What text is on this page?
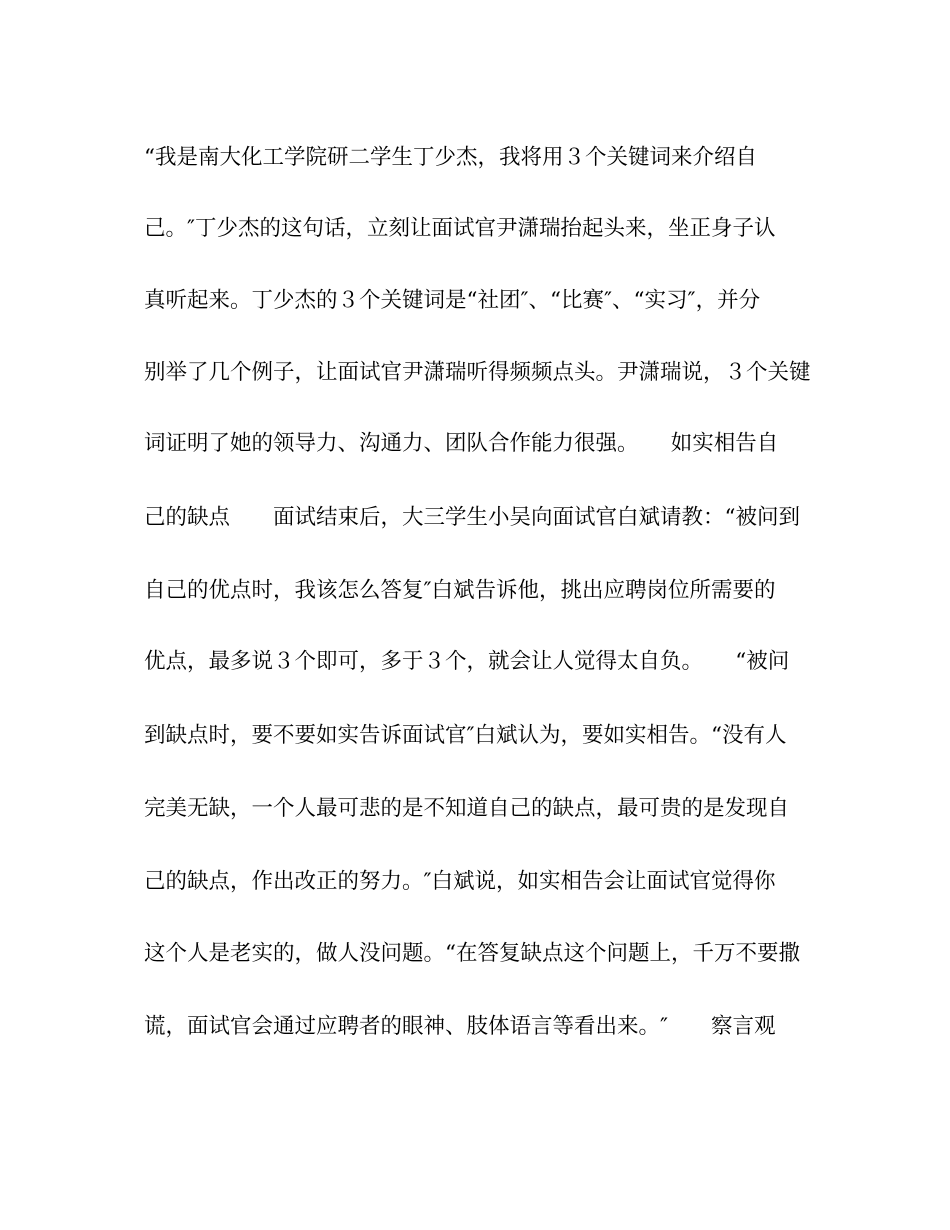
“我是南大化工学院研二学生丁少杰，我将用３个关键词来介绍自
己。″丁少杰的这句话，立刻让面试官尹潇瑞抬起头来，坐正身子认
真听起来。丁少杰的３个关键词是“社团″、“比赛″、“实习″，并分
别举了几个例子，让面试官尹潇瑞听得频频点头。尹潇瑞说，３个关键
词证明了她的领导力、沟通力、团队合作能力很强。　　如实相告自
己的缺点　　面试结束后，大三学生小吴向面试官白斌请教：“被问到
自己的优点时，我该怎么答复″白斌告诉他，挑出应聘岗位所需要的
优点，最多说３个即可，多于３个，就会让人觉得太自负。　　“被问
到缺点时，要不要如实告诉面试官″白斌认为，要如实相告。“没有人
完美无缺，一个人最可悲的是不知道自己的缺点，最可贵的是发现自
己的缺点，作出改正的努力。″白斌说，如实相告会让面试官觉得你
这个人是老实的，做人没问题。“在答复缺点这个问题上，千万不要撒
谎，面试官会通过应聘者的眼神、肢体语言等看出来。″　　察言观
